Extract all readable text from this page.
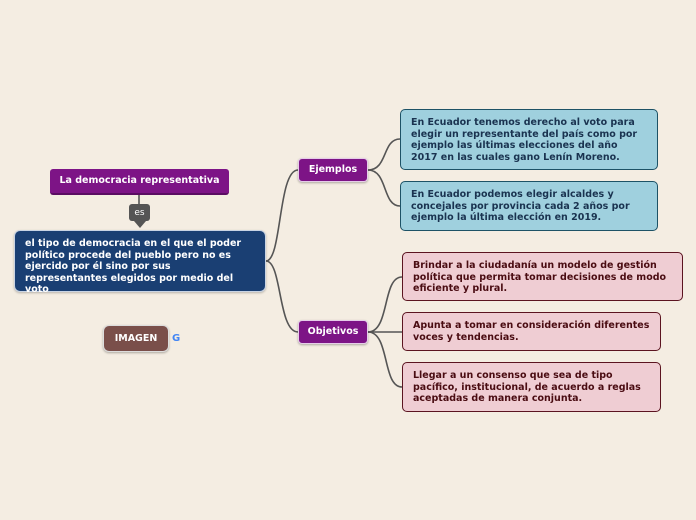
La democracia representativa
es
el tipo de democracia en el que el poder político procede del pueblo pero no es ejercido por él sino por sus representantes elegidos por medio del voto
IMAGEN G
Ejemplos
Objetivos
En Ecuador tenemos derecho al voto para elegir un representante del país como por ejemplo las últimas elecciones del año 2017 en las cuales gano Lenín Moreno.
En Ecuador podemos elegir alcaldes y concejales por provincia cada 2 años por ejemplo la última elección en 2019.
Brindar a la ciudadanía un modelo de gestión política que permita tomar decisiones de modo eficiente y plural.
Apunta a tomar en consideración diferentes voces y tendencias.
Llegar a un consenso que sea de tipo pacífico, institucional, de acuerdo a reglas aceptadas de manera conjunta.
